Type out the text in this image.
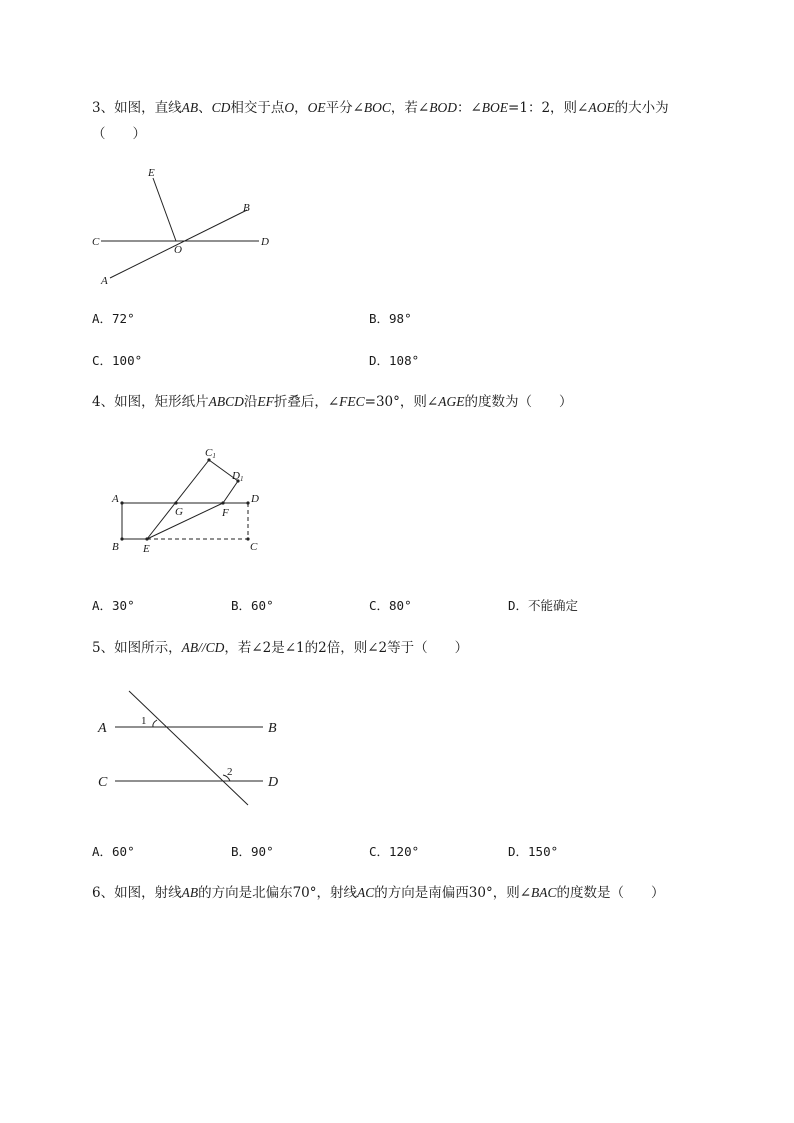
3、如图，直线AB、CD相交于点O，OE平分∠BOC，若∠BOD：∠BOE=1：2，则∠AOE的大小为
（　　）
E
B
C
O
D
A
A．72°	B．98°
C．100°	D．108°
4、如图，矩形纸片ABCD沿EF折叠后，∠FEC=30°，则∠AGE的度数为（　　）
C1
D1
A
G	F
D
B E	C
A．30°	B．60°	C．80°	D．不能确定
5、如图所示，AB//CD，若∠2是∠1的2倍，则∠2等于（　　）
A	B
C	D
1
2
A．60°	B．90°	C．120°	D．150°
6、如图，射线AB的方向是北偏东70°，射线AC的方向是南偏西30°，则∠BAC的度数是（　　）
